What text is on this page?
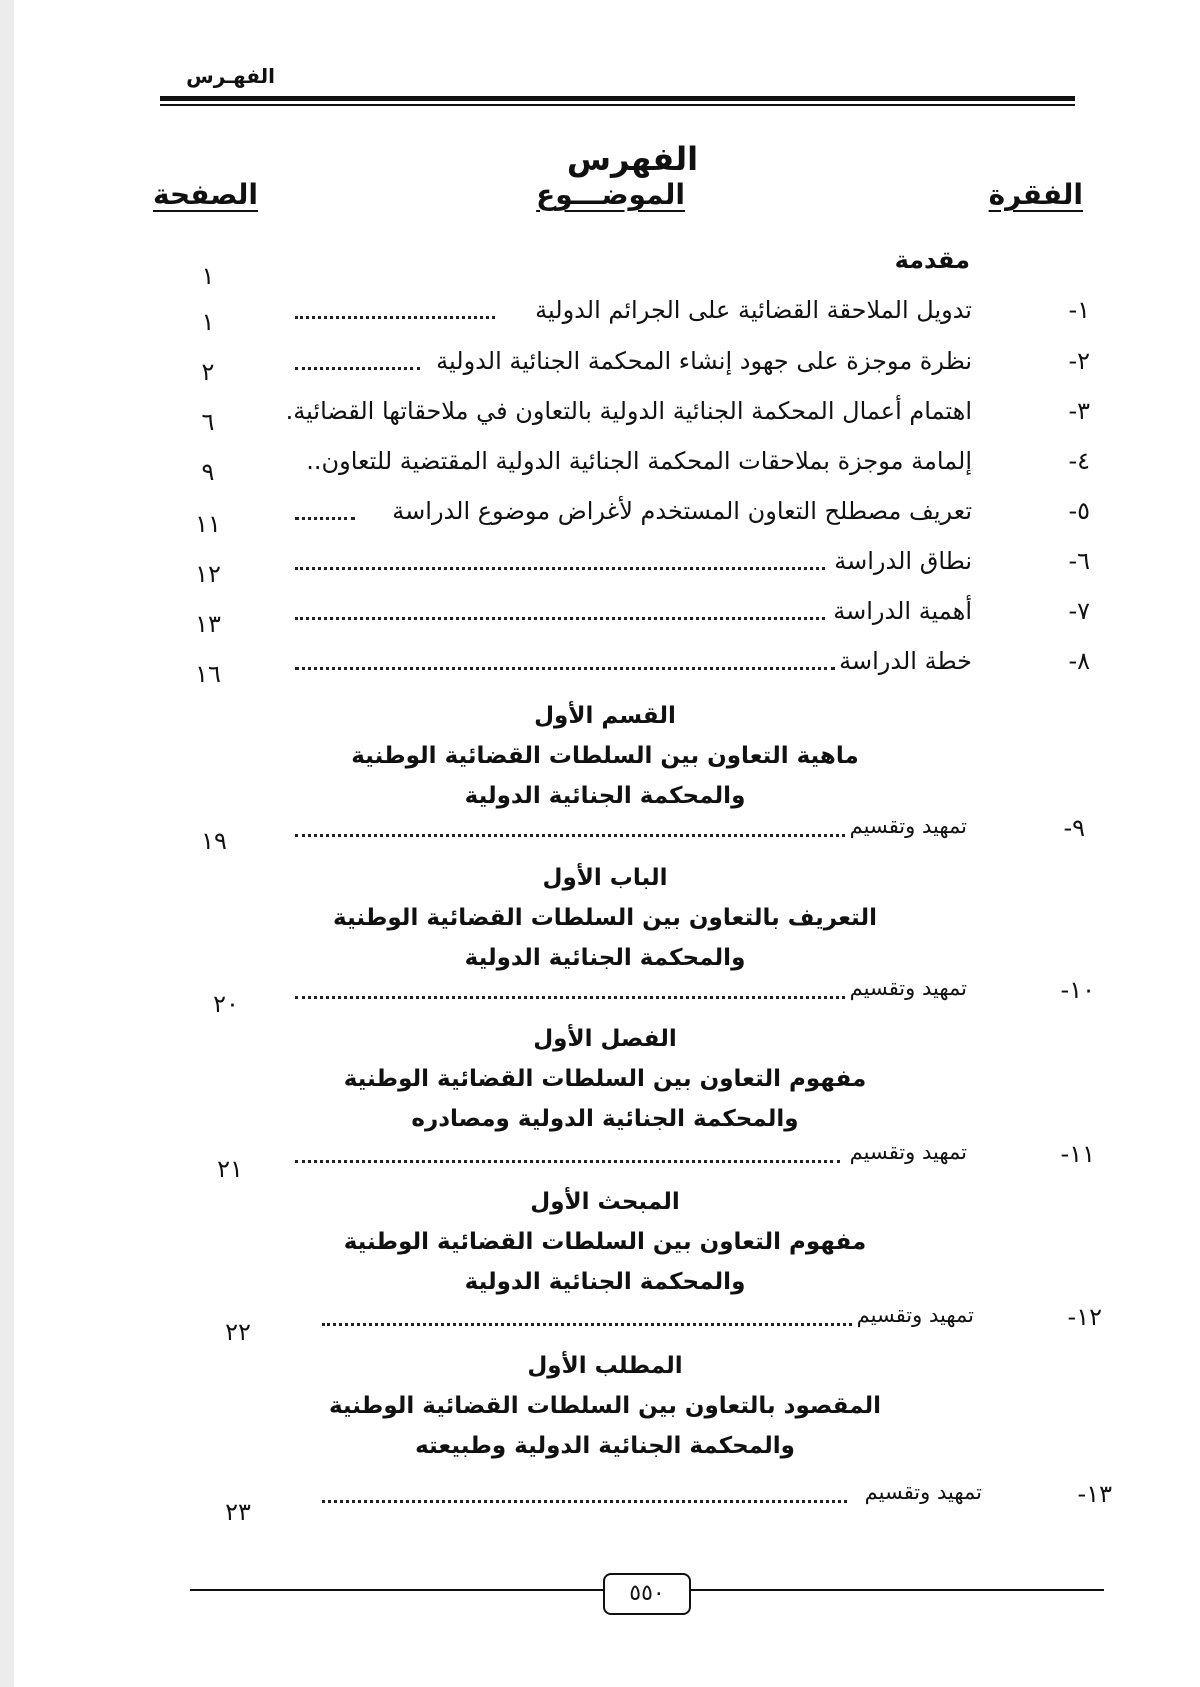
الفهـرس
الفهرس
الفقرة
الموضـــوع
الصفحة
مقدمة
١
١-
تدويل الملاحقة القضائية على الجرائم الدولية
١
٢-
نظرة موجزة على جهود إنشاء المحكمة الجنائية الدولية
٢
٣-
اهتمام أعمال المحكمة الجنائية الدولية بالتعاون في ملاحقاتها القضائية.
٦
٤-
إلمامة موجزة بملاحقات المحكمة الجنائية الدولية المقتضية للتعاون..
٩
٥-
تعريف مصطلح التعاون المستخدم لأغراض موضوع الدراسة
١١
٦-
نطاق الدراسة
١٢
٧-
أهمية الدراسة
١٣
٨-
خطة الدراسة
١٦
القسم الأول
ماهية التعاون بين السلطات القضائية الوطنية
والمحكمة الجنائية الدولية
٩-
تمهيد وتقسيم
١٩
الباب الأول
التعريف بالتعاون بين السلطات القضائية الوطنية
والمحكمة الجنائية الدولية
١٠-
تمهيد وتقسيم
٢٠
الفصل الأول
مفهوم التعاون بين السلطات القضائية الوطنية
والمحكمة الجنائية الدولية ومصادره
١١-
تمهيد وتقسيم
٢١
المبحث الأول
مفهوم التعاون بين السلطات القضائية الوطنية
والمحكمة الجنائية الدولية
١٢-
تمهيد وتقسيم
٢٢
المطلب الأول
المقصود بالتعاون بين السلطات القضائية الوطنية
والمحكمة الجنائية الدولية وطبيعته
١٣-
تمهيد وتقسيم
٢٣
٥٥٠
